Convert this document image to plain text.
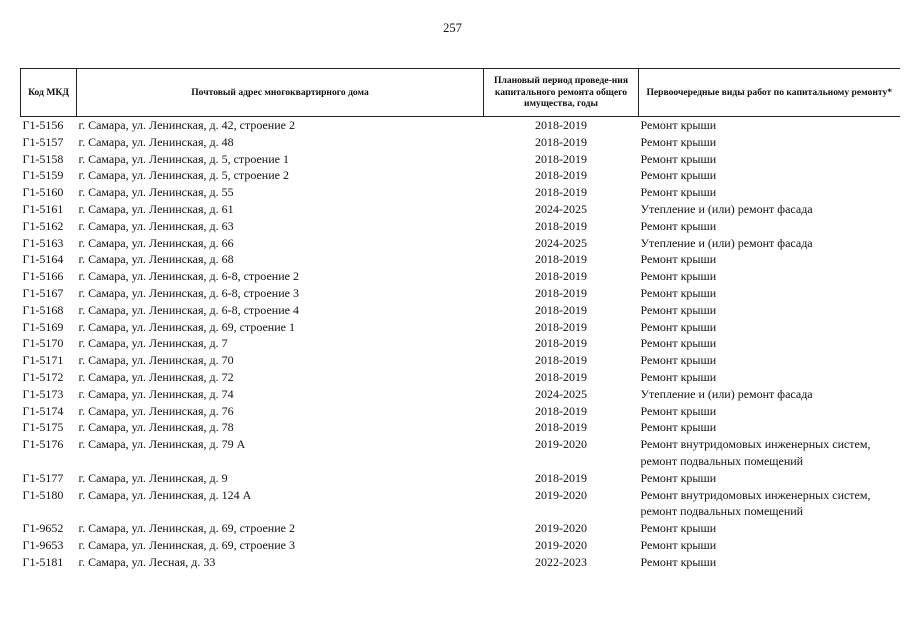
257
Код МКД	Почтовый адрес многоквартирного дома	Плановый период проведе-ния капитального ремонта общего имущества, годы	Первоочередные виды работ по капитальному ремонту*
Г1-5156	г. Самара, ул. Ленинская, д. 42, строение 2	2018-2019	Ремонт крыши
Г1-5157	г. Самара, ул. Ленинская, д. 48	2018-2019	Ремонт крыши
Г1-5158	г. Самара, ул. Ленинская, д. 5, строение 1	2018-2019	Ремонт крыши
Г1-5159	г. Самара, ул. Ленинская, д. 5, строение 2	2018-2019	Ремонт крыши
Г1-5160	г. Самара, ул. Ленинская, д. 55	2018-2019	Ремонт крыши
Г1-5161	г. Самара, ул. Ленинская, д. 61	2024-2025	Утепление и (или) ремонт фасада
Г1-5162	г. Самара, ул. Ленинская, д. 63	2018-2019	Ремонт крыши
Г1-5163	г. Самара, ул. Ленинская, д. 66	2024-2025	Утепление и (или) ремонт фасада
Г1-5164	г. Самара, ул. Ленинская, д. 68	2018-2019	Ремонт крыши
Г1-5166	г. Самара, ул. Ленинская, д. 6-8, строение 2	2018-2019	Ремонт крыши
Г1-5167	г. Самара, ул. Ленинская, д. 6-8, строение 3	2018-2019	Ремонт крыши
Г1-5168	г. Самара, ул. Ленинская, д. 6-8, строение 4	2018-2019	Ремонт крыши
Г1-5169	г. Самара, ул. Ленинская, д. 69, строение 1	2018-2019	Ремонт крыши
Г1-5170	г. Самара, ул. Ленинская, д. 7	2018-2019	Ремонт крыши
Г1-5171	г. Самара, ул. Ленинская, д. 70	2018-2019	Ремонт крыши
Г1-5172	г. Самара, ул. Ленинская, д. 72	2018-2019	Ремонт крыши
Г1-5173	г. Самара, ул. Ленинская, д. 74	2024-2025	Утепление и (или) ремонт фасада
Г1-5174	г. Самара, ул. Ленинская, д. 76	2018-2019	Ремонт крыши
Г1-5175	г. Самара, ул. Ленинская, д. 78	2018-2019	Ремонт крыши
Г1-5176	г. Самара, ул. Ленинская, д. 79 А	2019-2020	Ремонт внутридомовых инженерных систем, ремонт подвальных помещений
Г1-5177	г. Самара, ул. Ленинская, д. 9	2018-2019	Ремонт крыши
Г1-5180	г. Самара, ул. Ленинская, д. 124 А	2019-2020	Ремонт внутридомовых инженерных систем, ремонт подвальных помещений
Г1-9652	г. Самара, ул. Ленинская, д. 69, строение 2	2019-2020	Ремонт крыши
Г1-9653	г. Самара, ул. Ленинская, д. 69, строение 3	2019-2020	Ремонт крыши
Г1-5181	г. Самара, ул. Лесная, д. 33	2022-2023	Ремонт крыши
